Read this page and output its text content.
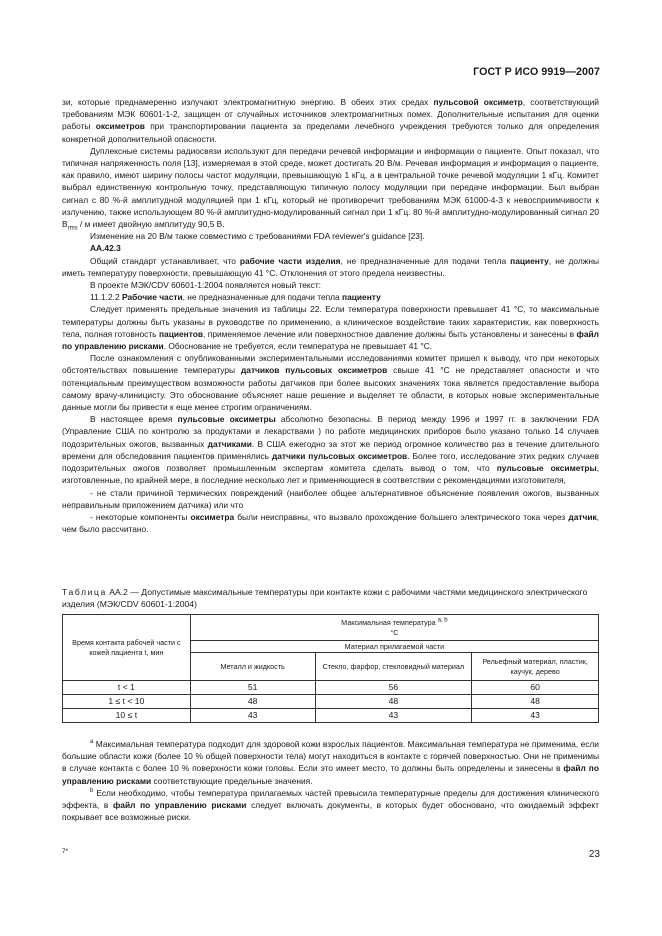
ГОСТ Р ИСО 9919—2007

зи, которые преднамеренно излучают электромагнитную энергию. В обеих этих средах пульсовой оксиметр, соответствующий требованиям МЭК 60601-1-2, защищен от случайных источников электромагнитных помех. Дополнительные испытания для оценки работы оксиметров при транспортировании пациента за пределами лечебного учреждения требуются только для определения конкретной дополнительной опасности.

Дуплексные системы радиосвязи используют для передачи речевой информации и информации о пациенте. Опыт показал, что типичная напряженность поля [13], измеряемая в этой среде, может достигать 20 В/м. Речевая информация и информация о пациенте, как правило, имеют ширину полосы частот модуляции, превышающую 1 кГц, а в центральной точке речевой модуляции 1 кГц. Комитет выбрал единственную контрольную точку, представляющую типичную полосу модуляции при передаче информации. Был выбран сигнал с 80 %-й амплитудной модуляцией при 1 кГц, который не противоречит требованиям МЭК 61000-4-3 к невосприимчивости к излучению, также использующем 80 %-й амплитудно-модулированный сигнал при 1 кГц. 80 %-й амплитудно-модулированный сигнал 20 $В_{rms}$ / м имеет двойную амплитуду 90,5 В.

Изменение на 20 В/м также совместимо с требованиями FDA reviewer's guidance [23].

АА.42.3

Общий стандарт устанавливает, что рабочие части изделия, не предназначенные для подачи тепла пациенту, не должны иметь температуру поверхности, превышающую 41 °С. Отклонения от этого предела неизвестны.

В проекте МЭК/CDV 60601-1:2004 появляется новый текст:

11.1.2.2 Рабочие части, не предназначенные для подачи тепла пациенту

Следует применять предельные значения из таблицы 22. Если температура поверхности превышает 41 °С, то максимальные температуры должны быть указаны в руководстве по применению, а клиническое воздействие таких характеристик, как поверхность тела, полная готовность пациентов, применяемое лечение или поверхностное давление должны быть установлены и занесены в файл по управлению рисками. Обоснование не требуется, если температура не превышает 41 °С.

После ознакомления с опубликованными экспериментальными исследованиями комитет пришел к выводу, что при некоторых обстоятельствах повышение температуры датчиков пульсовых оксиметров свыше 41 °С не представляет опасности и что потенциальным преимуществом возможности работы датчиков при более высоких значениях тока является предоставление выбора самому врачу-клиницисту. Это обоснование объясняет наше решение и выделяет те области, в которых новые экспериментальные данные могли бы привести к еще менее строгим ограничениям.

В настоящее время пульсовые оксиметры абсолютно безопасны. В период между 1996 и 1997 гг. в заключении FDA (Управление США по контролю за продуктами и лекарствами ) по работе медицинских приборов было указано только 14 случаев подозрительных ожогов, вызванных датчиками. В США ежегодно за этот же период огромное количество раз в течение длительного времени для обследования пациентов применялись датчики пульсовых оксиметров. Более того, исследование этих редких случаев подозрительных ожогов позволяет промышленным экспертам комитета сделать вывод о том, что пульсовые оксиметры, изготовленные, по крайней мере, в последние несколько лет и применяющиеся в соответствии с рекомендациями изготовителя,

- не стали причиной термических повреждений (наиболее общее альтернативное объяснение появления ожогов, вызванных неправильным приложением датчика) или что

- некоторые компоненты оксиметра были неисправны, что вызвало прохождение большего электрического тока через датчик, чем было рассчитано.

Таблица АА.2 — Допустимые максимальные температуры при контакте кожи с рабочими частями медицинского электрического изделия (МЭК/CDV 60601-1:2004)
Время контакта рабочей части с кожей пациента t, мин	Максимальная температура $^{a, b}$
°С		
	Материал прилагаемой части		
	Металл и жидкость	Стекло, фарфор, стекловидный материал	Рельефный материал, пластик, каучук, дерево
t < 1	51	56	60
1 ≤ t < 10	48	48	48
10 ≤ t	43	43	43

$^a$ Максимальная температура подходит для здоровой кожи взрослых пациентов. Максимальная температура не применима, если большие области кожи (более 10 % общей поверхности тела) могут находиться в контакте с горячей поверхностью. Они не применимы в случае контакта с более 10 % поверхности кожи головы. Если это имеет место, то должны быть определены и занесены в файл по управлению рисками соответствующие предельные значения.

$^b$ Если необходимо, чтобы температура прилагаемых частей превысила температурные пределы для достижения клинического эффекта, в файл по управлению рисками следует включать документы, в которых будет обосновано, что ожидаемый эффект покрывает все возможные риски.

7*	23
